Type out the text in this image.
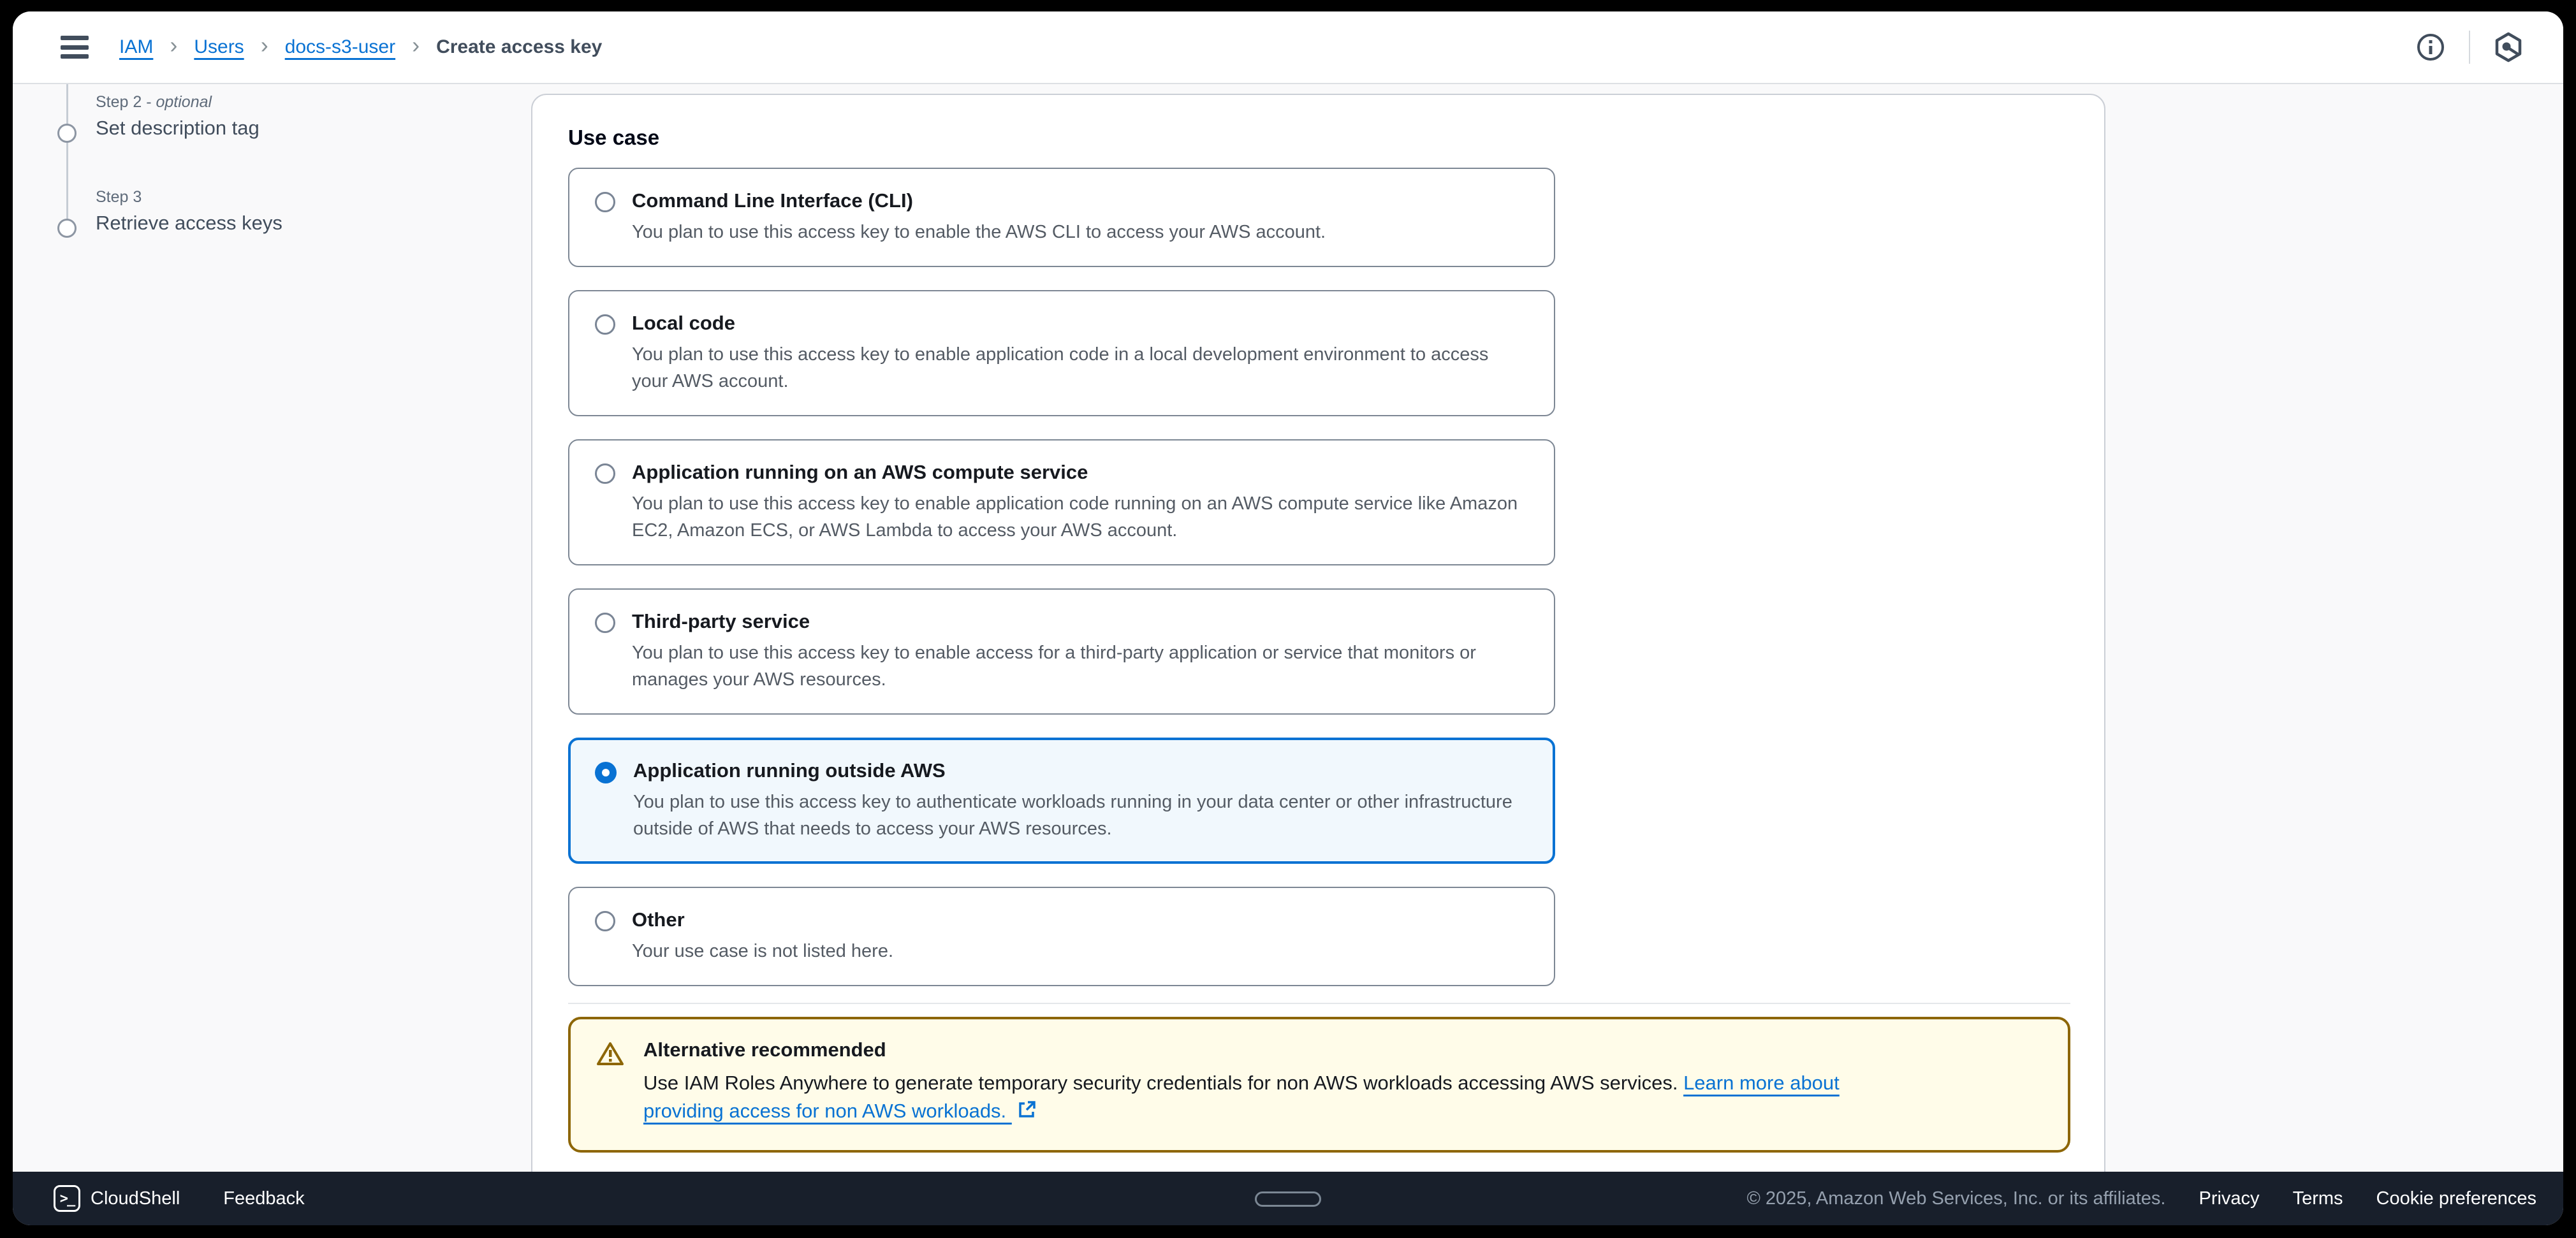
IAM › Users › docs-s3-user › Create access key
Step 2 - optional
Set description tag
Step 3
Retrieve access keys
Use case
Command Line Interface (CLI)
You plan to use this access key to enable the AWS CLI to access your AWS account.
Local code
You plan to use this access key to enable application code in a local development environment to access your AWS account.
Application running on an AWS compute service
You plan to use this access key to enable application code running on an AWS compute service like Amazon EC2, Amazon ECS, or AWS Lambda to access your AWS account.
Third-party service
You plan to use this access key to enable access for a third-party application or service that monitors or manages your AWS resources.
Application running outside AWS
You plan to use this access key to authenticate workloads running in your data center or other infrastructure outside of AWS that needs to access your AWS resources.
Other
Your use case is not listed here.
Alternative recommended
Use IAM Roles Anywhere to generate temporary security credentials for non AWS workloads accessing AWS services. Learn more about providing access for non AWS workloads.
>_ CloudShell Feedback	© 2025, Amazon Web Services, Inc. or its affiliates. Privacy Terms Cookie preferences
